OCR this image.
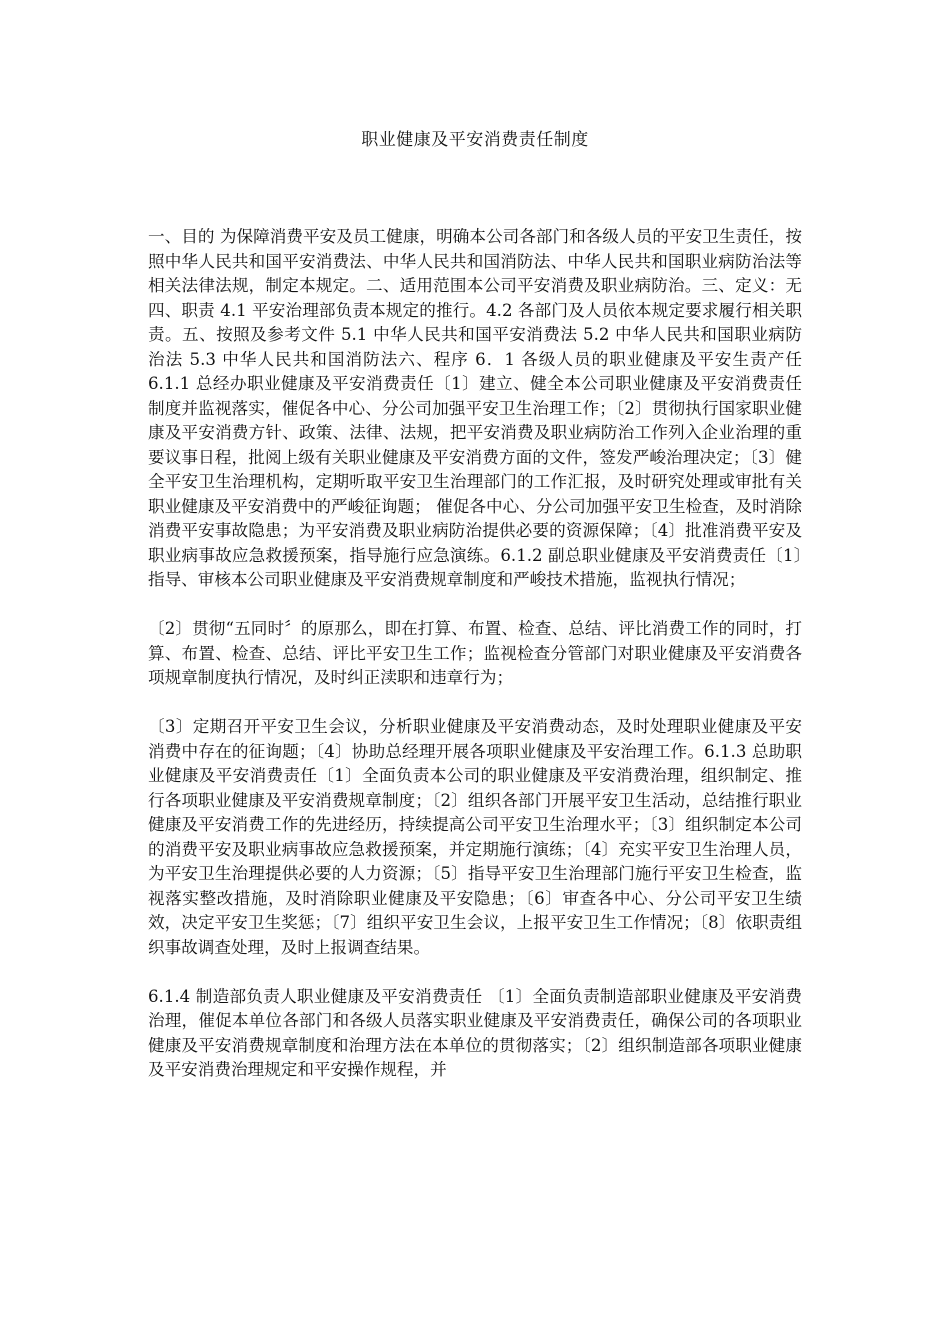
职业健康及平安消费责任制度

一、目的 为保障消费平安及员工健康，明确本公司各部门和各级人员的平安卫生责任，按照中华人民共和国平安消费法、中华人民共和国消防法、中华人民共和国职业病防治法等相关法律法规，制定本规定。二、适用范围本公司平安消费及职业病防治。三、定义：无四、职责 4.1 平安治理部负责本规定的推行。4.2 各部门及人员依本规定要求履行相关职责。五、按照及参考文件 5.1 中华人民共和国平安消费法 5.2 中华人民共和国职业病防治法 5.3 中华人民共和国消防法六、程序 6．1 各级人员的职业健康及平安生责产任 6.1.1 总经办职业健康及平安消费责任〔1〕建立、健全本公司职业健康及平安消费责任制度并监视落实，催促各中心、分公司加强平安卫生治理工作；〔2〕贯彻执行国家职业健康及平安消费方针、政策、法律、法规，把平安消费及职业病防治工作列入企业治理的重要议事日程，批阅上级有关职业健康及平安消费方面的文件，签发严峻治理决定；〔3〕健全平安卫生治理机构，定期听取平安卫生治理部门的工作汇报，及时研究处理或审批有关职业健康及平安消费中的严峻征询题； 催促各中心、分公司加强平安卫生检查，及时消除消费平安事故隐患；为平安消费及职业病防治提供必要的资源保障；〔4〕批准消费平安及职业病事故应急救援预案，指导施行应急演练。6.1.2 副总职业健康及平安消费责任〔1〕指导、审核本公司职业健康及平安消费规章制度和严峻技术措施，监视执行情况；

〔2〕贯彻“五同时〞的原那么，即在打算、布置、检查、总结、评比消费工作的同时，打算、布置、检查、总结、评比平安卫生工作；监视检查分管部门对职业健康及平安消费各项规章制度执行情况，及时纠正渎职和违章行为；

〔3〕定期召开平安卫生会议，分析职业健康及平安消费动态，及时处理职业健康及平安消费中存在的征询题；〔4〕协助总经理开展各项职业健康及平安治理工作。6.1.3 总助职业健康及平安消费责任〔1〕全面负责本公司的职业健康及平安消费治理，组织制定、推行各项职业健康及平安消费规章制度；〔2〕组织各部门开展平安卫生活动，总结推行职业健康及平安消费工作的先进经历，持续提高公司平安卫生治理水平；〔3〕组织制定本公司的消费平安及职业病事故应急救援预案，并定期施行演练；〔4〕充实平安卫生治理人员，为平安卫生治理提供必要的人力资源；〔5〕指导平安卫生治理部门施行平安卫生检查，监视落实整改措施，及时消除职业健康及平安隐患；〔6〕审查各中心、分公司平安卫生绩效，决定平安卫生奖惩；〔7〕组织平安卫生会议，上报平安卫生工作情况；〔8〕依职责组织事故调查处理，及时上报调查结果。

6.1.4 制造部负责人职业健康及平安消费责任 〔1〕全面负责制造部职业健康及平安消费治理，催促本单位各部门和各级人员落实职业健康及平安消费责任，确保公司的各项职业健康及平安消费规章制度和治理方法在本单位的贯彻落实；〔2〕组织制造部各项职业健康及平安消费治理规定和平安操作规程，并
